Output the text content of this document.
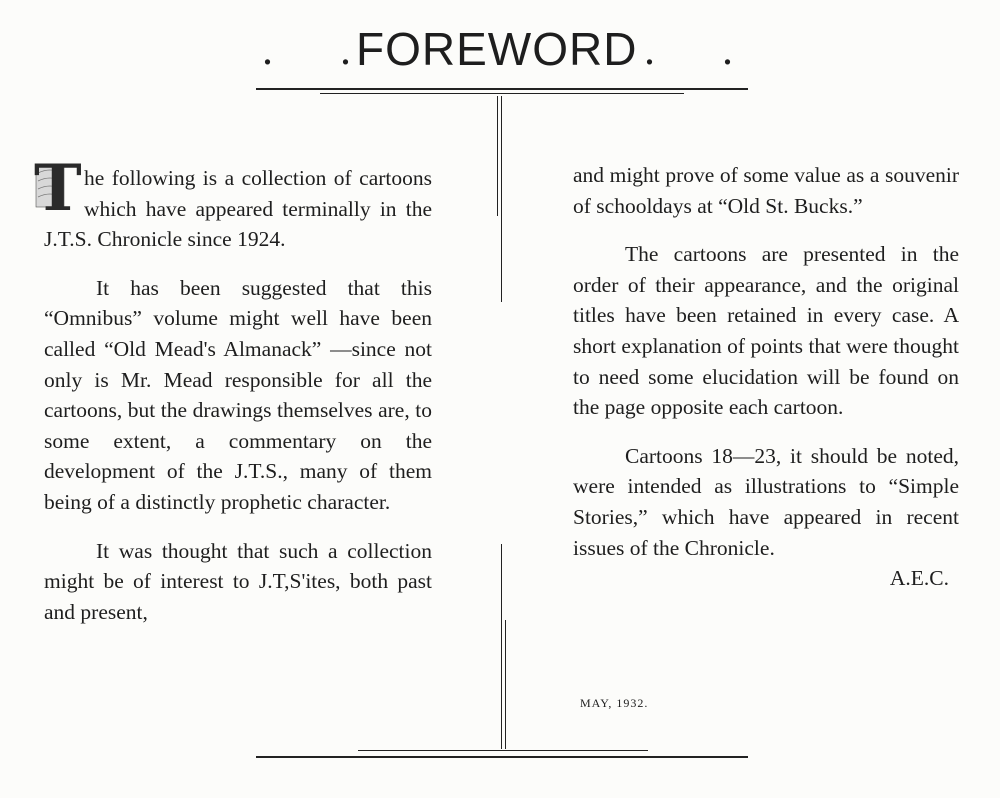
. .
FOREWORD . .

T he following is a collection of cartoons which have appeared terminally in the J.T.S. Chronicle since 1924.

It has been suggested that this “Omnibus” volume might well have been called “Old Mead's Almanack” —since not only is Mr. Mead responsible for all the cartoons, but the drawings themselves are, to some extent, a commentary on the development of the J.T.S., many of them being of a distinctly prophetic character.

It was thought that such a collection might be of interest to J.T,S'ites, both past and present,

and might prove of some value as a souvenir of schooldays at “Old St. Bucks.”

The cartoons are presented in the order of their appearance, and the original titles have been retained in every case. A short explanation of points that were thought to need some elucidation will be found on the page opposite each cartoon.

Cartoons 18—23, it should be noted, were intended as illustrations to “Simple Stories,” which have appeared in recent issues of the Chronicle.

A.E.C.
MAY, 1932.
